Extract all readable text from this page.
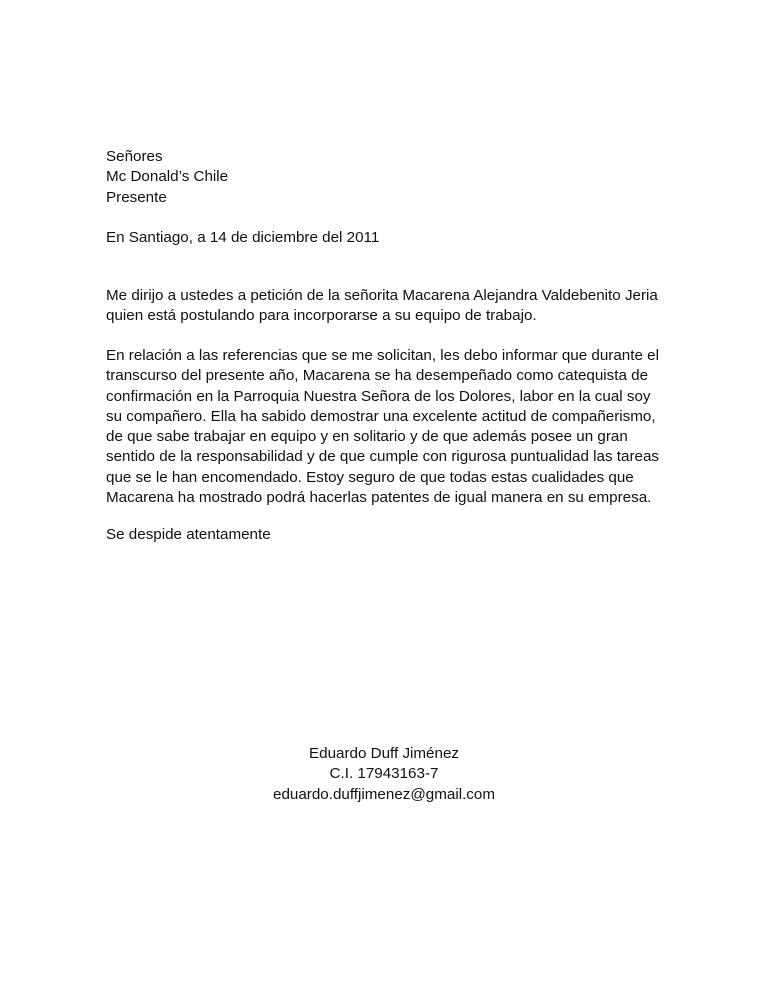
Señores
Mc Donald’s Chile
Presente
En Santiago, a 14 de diciembre del 2011
Me dirijo a ustedes a petición de la señorita Macarena Alejandra Valdebenito Jeria
quien está postulando para incorporarse a su equipo de trabajo.
En relación a las referencias que se me solicitan, les debo informar que durante el
transcurso del presente año, Macarena se ha desempeñado como catequista de
confirmación en la Parroquia Nuestra Señora de los Dolores, labor en la cual soy
su compañero. Ella ha sabido demostrar una excelente actitud de compañerismo,
de que sabe trabajar en equipo y en solitario y de que además posee un gran
sentido de la responsabilidad y de que cumple con rigurosa puntualidad las tareas
que se le han encomendado. Estoy seguro de que todas estas cualidades que
Macarena ha mostrado podrá hacerlas patentes de igual manera en su empresa.
Se despide atentamente
Eduardo Duff Jiménez
C.I. 17943163-7
eduardo.duffjimenez@gmail.com
